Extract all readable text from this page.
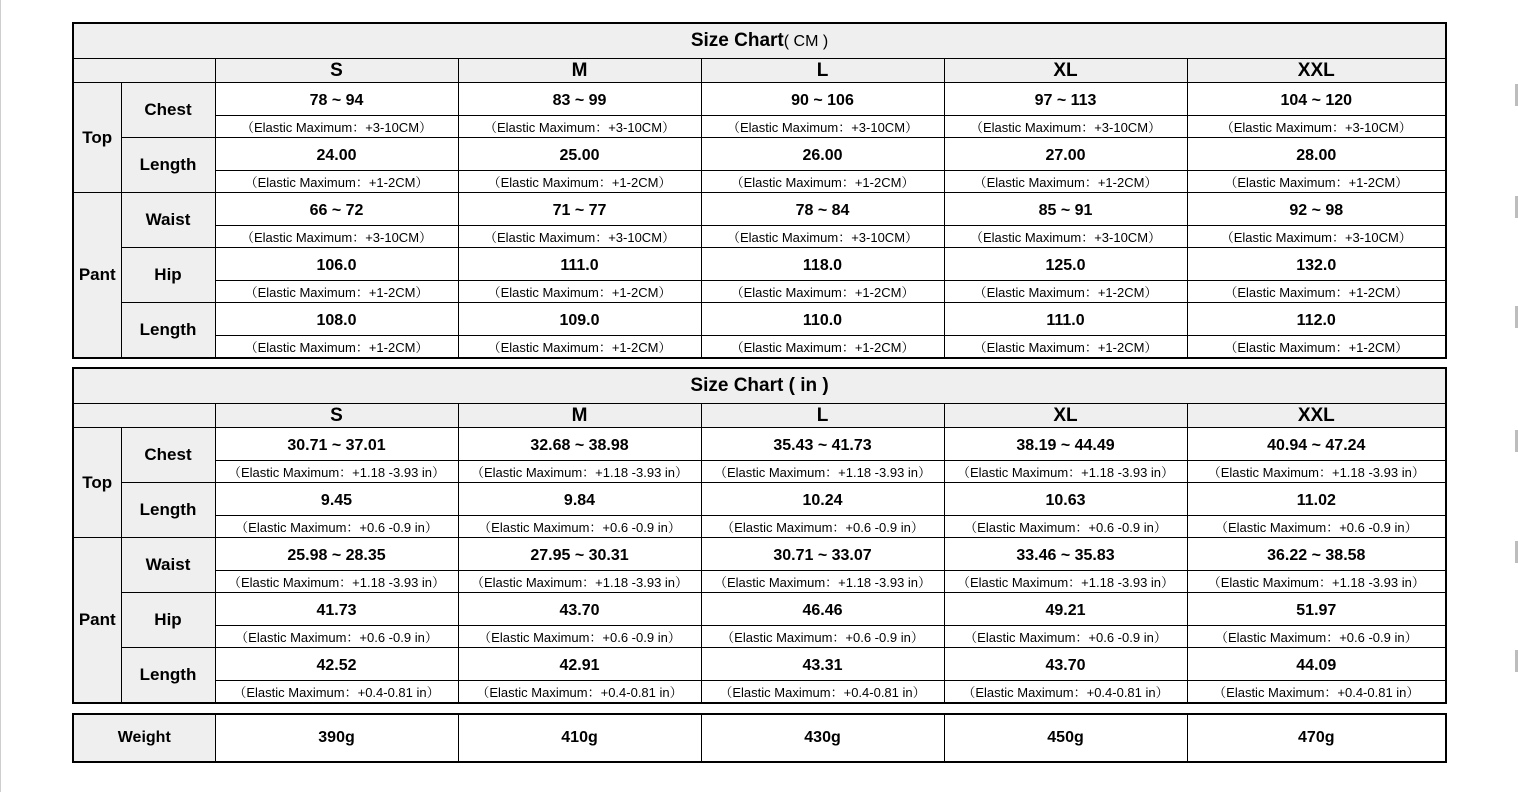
Size Chart( CM )						
		S	M	L	XL	XXL
Top	Chest	78 ~ 94	83 ~ 99	90 ~ 106	97 ~ 113	104 ~ 120
		（Elastic Maximum：+3-10CM）	（Elastic Maximum：+3-10CM）	（Elastic Maximum：+3-10CM）	（Elastic Maximum：+3-10CM）	（Elastic Maximum：+3-10CM）
	Length	24.00	25.00	26.00	27.00	28.00
		（Elastic Maximum：+1-2CM）	（Elastic Maximum：+1-2CM）	（Elastic Maximum：+1-2CM）	（Elastic Maximum：+1-2CM）	（Elastic Maximum：+1-2CM）
Pant	Waist	66 ~ 72	71 ~ 77	78 ~ 84	85 ~ 91	92 ~ 98
		（Elastic Maximum：+3-10CM）	（Elastic Maximum：+3-10CM）	（Elastic Maximum：+3-10CM）	（Elastic Maximum：+3-10CM）	（Elastic Maximum：+3-10CM）
	Hip	106.0	111.0	118.0	125.0	132.0
		（Elastic Maximum：+1-2CM）	（Elastic Maximum：+1-2CM）	（Elastic Maximum：+1-2CM）	（Elastic Maximum：+1-2CM）	（Elastic Maximum：+1-2CM）
	Length	108.0	109.0	110.0	111.0	112.0
		（Elastic Maximum：+1-2CM）	（Elastic Maximum：+1-2CM）	（Elastic Maximum：+1-2CM）	（Elastic Maximum：+1-2CM）	（Elastic Maximum：+1-2CM）
Size Chart ( in )						
		S	M	L	XL	XXL
Top	Chest	30.71 ~ 37.01	32.68 ~ 38.98	35.43 ~ 41.73	38.19 ~ 44.49	40.94 ~ 47.24
		（Elastic Maximum：+1.18 -3.93 in）	（Elastic Maximum：+1.18 -3.93 in）	（Elastic Maximum：+1.18 -3.93 in）	（Elastic Maximum：+1.18 -3.93 in）	（Elastic Maximum：+1.18 -3.93 in）
	Length	9.45	9.84	10.24	10.63	11.02
		（Elastic Maximum：+0.6 -0.9 in）	（Elastic Maximum：+0.6 -0.9 in）	（Elastic Maximum：+0.6 -0.9 in）	（Elastic Maximum：+0.6 -0.9 in）	（Elastic Maximum：+0.6 -0.9 in）
Pant	Waist	25.98 ~ 28.35	27.95 ~ 30.31	30.71 ~ 33.07	33.46 ~ 35.83	36.22 ~ 38.58
		（Elastic Maximum：+1.18 -3.93 in）	（Elastic Maximum：+1.18 -3.93 in）	（Elastic Maximum：+1.18 -3.93 in）	（Elastic Maximum：+1.18 -3.93 in）	（Elastic Maximum：+1.18 -3.93 in）
	Hip	41.73	43.70	46.46	49.21	51.97
		（Elastic Maximum：+0.6 -0.9 in）	（Elastic Maximum：+0.6 -0.9 in）	（Elastic Maximum：+0.6 -0.9 in）	（Elastic Maximum：+0.6 -0.9 in）	（Elastic Maximum：+0.6 -0.9 in）
	Length	42.52	42.91	43.31	43.70	44.09
		（Elastic Maximum：+0.4-0.81 in）	（Elastic Maximum：+0.4-0.81 in）	（Elastic Maximum：+0.4-0.81 in）	（Elastic Maximum：+0.4-0.81 in）	（Elastic Maximum：+0.4-0.81 in）
Weight	390g	410g	430g	450g	470g
